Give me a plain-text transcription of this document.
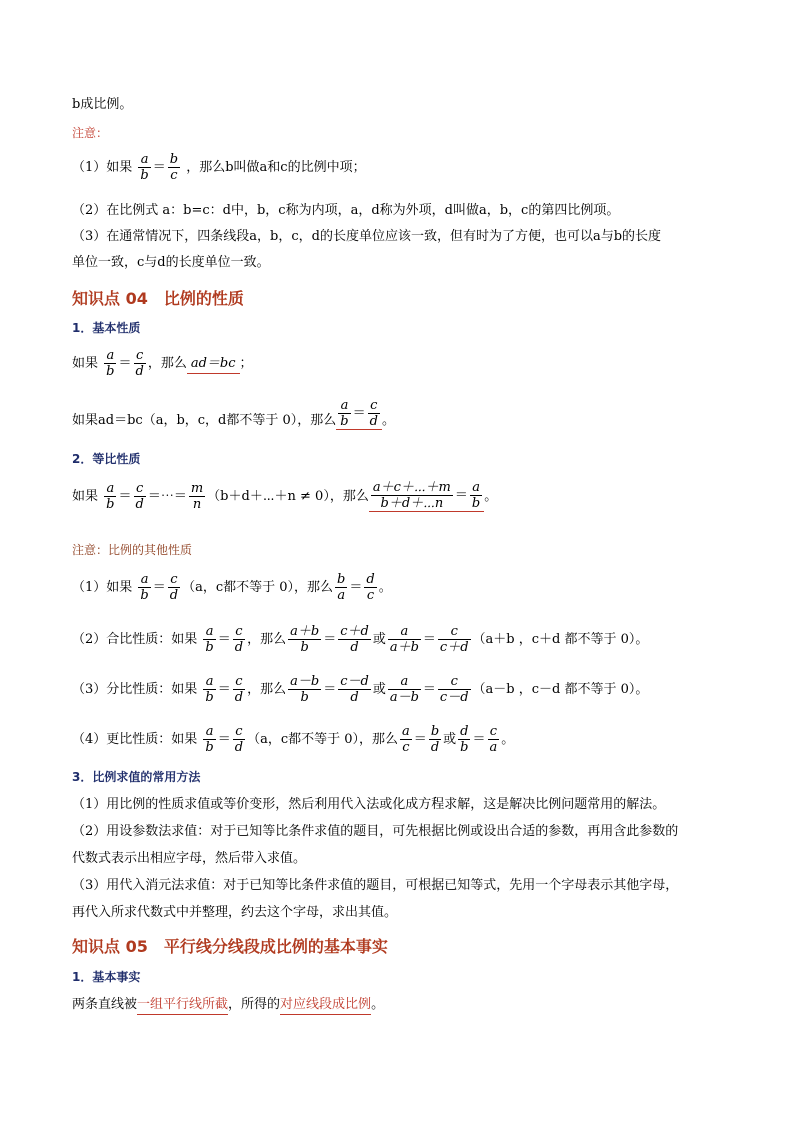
b成比例。
注意：
（1）如果 $\frac{a}{b} = \frac{b}{c}$ ，那么b叫做a和c的比例中项；
（2）在比例式 a：b=c：d中，b，c称为内项，a，d称为外项，d叫做a，b，c的第四比例项。
（3）在通常情况下，四条线段a，b，c，d的长度单位应该一致，但有时为了方便，也可以a与b的长度
单位一致，c与d的长度单位一致。
知识点 04　比例的性质
1．基本性质
如果 $\frac{a}{b} = \frac{c}{d}$ ，那么 ad＝bc ；
如果ad＝bc（a，b，c，d都不等于 0），那么 $\frac{a}{b} = \frac{c}{d}$ 。
2．等比性质
如果 $\frac{a}{b} = \frac{c}{d}$ ＝⋯＝ $\frac{m}{n}$ （b＋d＋⋯＋n ≠ 0），那么 $\frac{a+c+\cdots+m}{b+d+\cdots n} = \frac{a}{b}$ 。
注意：比例的其他性质
（1）如果 $\frac{a}{b} = \frac{c}{d} (a$，c都不等于 0），那么 $\frac{b}{a} = \frac{d}{c}$ 。
（2）合比性质：如果 $\frac{a}{b} = \frac{c}{d}$ ，那么 $\frac{a+b}{b} = \frac{c+d}{d}$ 或 $\frac{a}{a+b} = \frac{c}{c+d} (a+b$ ，c＋d 都不等于 0）。
（3）分比性质：如果 $\frac{a}{b} = \frac{c}{d}$ ，那么 $\frac{a-b}{b} = \frac{c-d}{d}$ 或 $\frac{a}{a-b} = \frac{c}{c-d} (a-b$ ，c－d 都不等于 0）。
（4）更比性质：如果 $\frac{a}{b} = \frac{c}{d} (a$，c都不等于 0），那么 $\frac{a}{c} = \frac{b}{d}$ 或 $\frac{d}{b} = \frac{c}{a}$ 。
3．比例求值的常用方法
（1）用比例的性质求值或等价变形，然后利用代入法或化成方程求解，这是解决比例问题常用的解法。
（2）用设参数法求值：对于已知等比条件求值的题目，可先根据比例或设出合适的参数，再用含此参数的
代数式表示出相应字母，然后带入求值。
（3）用代入消元法求值：对于已知等比条件求值的题目，可根据已知等式，先用一个字母表示其他字母，
再代入所求代数式中并整理，约去这个字母，求出其值。
知识点 05　平行线分线段成比例的基本事实
1．基本事实
两条直线被一组平行线所截，所得的对应线段成比例。
